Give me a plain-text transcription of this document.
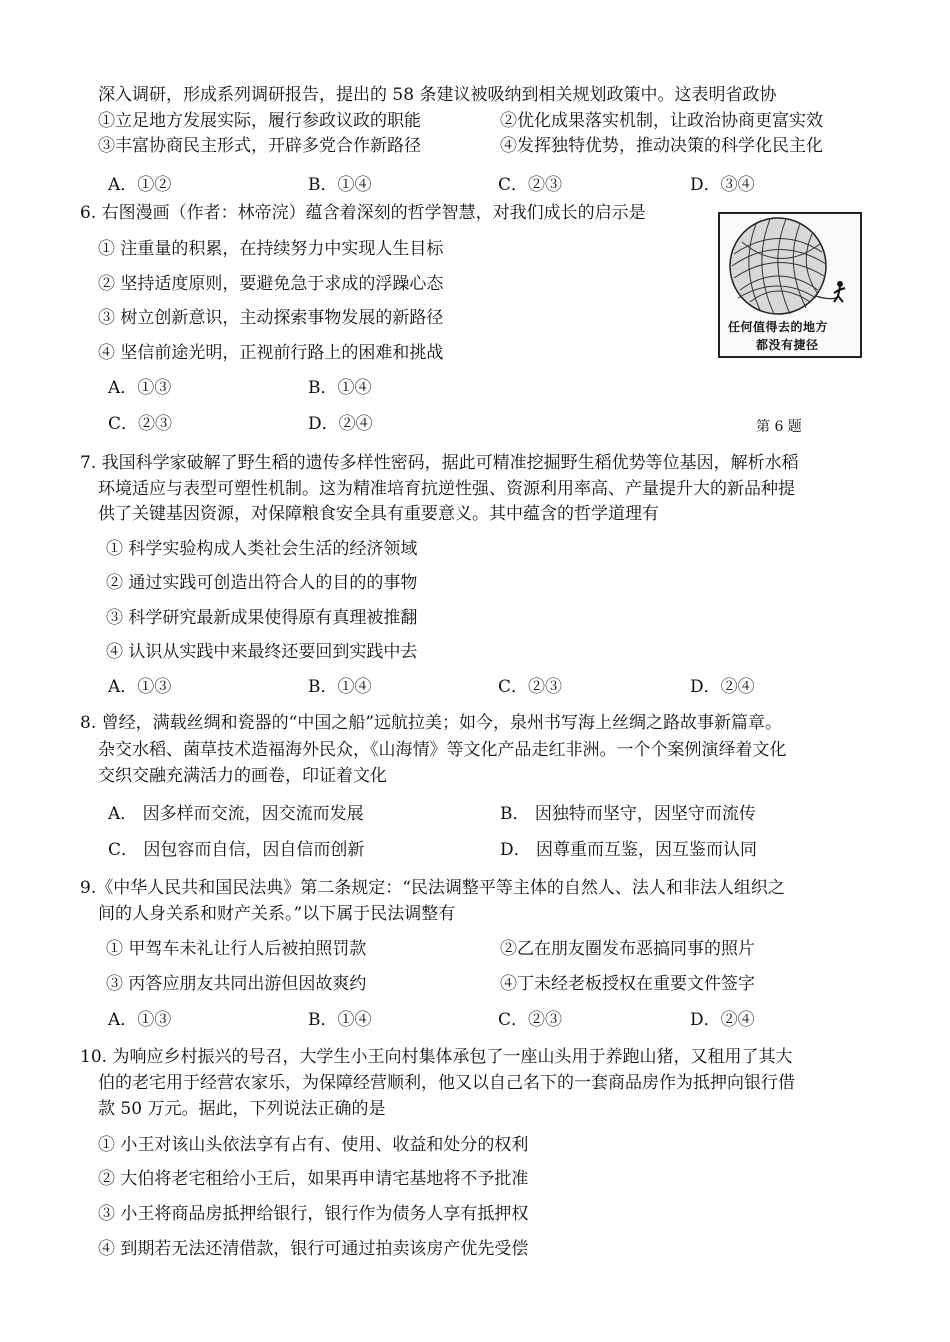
深入调研，形成系列调研报告，提出的 58 条建议被吸纳到相关规划政策中。这表明省政协
①立足地方发展实际，履行参政议政的职能	②优化成果落实机制，让政治协商更富实效
③丰富协商民主形式，开辟多党合作新路径	④发挥独特优势，推动决策的科学化民主化
A．①②	B．①④	C．②③	D．③④
6. 右图漫画（作者：林帝浣）蕴含着深刻的哲学智慧，对我们成长的启示是
① 注重量的积累，在持续努力中实现人生目标
② 坚持适度原则，要避免急于求成的浮躁心态
③ 树立创新意识，主动探索事物发展的新路径
④ 坚信前途光明，正视前行路上的困难和挑战
A．①③	B．①④
C．②③	D．②④
任何值得去的地方
都没有捷径
第 6 题
7. 我国科学家破解了野生稻的遗传多样性密码，据此可精准挖掘野生稻优势等位基因，解析水稻
环境适应与表型可塑性机制。这为精准培育抗逆性强、资源利用率高、产量提升大的新品种提
供了关键基因资源，对保障粮食安全具有重要意义。其中蕴含的哲学道理有
① 科学实验构成人类社会生活的经济领域
② 通过实践可创造出符合人的目的的事物
③ 科学研究最新成果使得原有真理被推翻
④ 认识从实践中来最终还要回到实践中去
A．①③	B．①④	C．②③	D．②④
8. 曾经，满载丝绸和瓷器的“中国之船”远航拉美；如今，泉州书写海上丝绸之路故事新篇章。
杂交水稻、菌草技术造福海外民众，《山海情》等文化产品走红非洲。一个个案例演绎着文化
交织交融充满活力的画卷，印证着文化
A． 因多样而交流，因交流而发展	B． 因独特而坚守，因坚守而流传
C． 因包容而自信，因自信而创新	D． 因尊重而互鉴，因互鉴而认同
9.《中华人民共和国民法典》第二条规定：“民法调整平等主体的自然人、法人和非法人组织之
间的人身关系和财产关系。”以下属于民法调整有
① 甲驾车未礼让行人后被拍照罚款	②乙在朋友圈发布恶搞同事的照片
③ 丙答应朋友共同出游但因故爽约	④丁未经老板授权在重要文件签字
A．①③	B．①④	C．②③	D．②④
10. 为响应乡村振兴的号召，大学生小王向村集体承包了一座山头用于养跑山猪，又租用了其大
伯的老宅用于经营农家乐，为保障经营顺利，他又以自己名下的一套商品房作为抵押向银行借
款 50 万元。据此，下列说法正确的是
① 小王对该山头依法享有占有、使用、收益和处分的权利
② 大伯将老宅租给小王后，如果再申请宅基地将不予批准
③ 小王将商品房抵押给银行，银行作为债务人享有抵押权
④ 到期若无法还清借款，银行可通过拍卖该房产优先受偿
